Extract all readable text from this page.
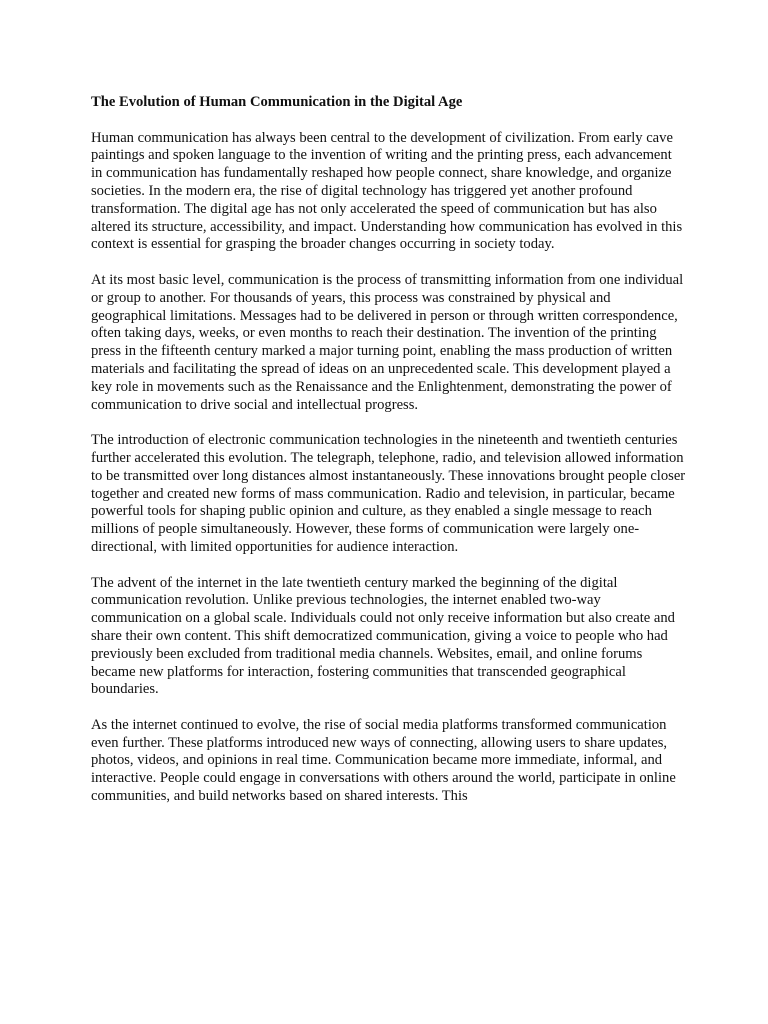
The Evolution of Human Communication in the Digital Age

Human communication has always been central to the development of civilization. From early cave paintings and spoken language to the invention of writing and the printing press, each advancement in communication has fundamentally reshaped how people connect, share knowledge, and organize societies. In the modern era, the rise of digital technology has triggered yet another profound transformation. The digital age has not only accelerated the speed of communication but has also altered its structure, accessibility, and impact. Understanding how communication has evolved in this context is essential for grasping the broader changes occurring in society today.

At its most basic level, communication is the process of transmitting information from one individual or group to another. For thousands of years, this process was constrained by physical and geographical limitations. Messages had to be delivered in person or through written correspondence, often taking days, weeks, or even months to reach their destination. The invention of the printing press in the fifteenth century marked a major turning point, enabling the mass production of written materials and facilitating the spread of ideas on an unprecedented scale. This development played a key role in movements such as the Renaissance and the Enlightenment, demonstrating the power of communication to drive social and intellectual progress.

The introduction of electronic communication technologies in the nineteenth and twentieth centuries further accelerated this evolution. The telegraph, telephone, radio, and television allowed information to be transmitted over long distances almost instantaneously. These innovations brought people closer together and created new forms of mass communication. Radio and television, in particular, became powerful tools for shaping public opinion and culture, as they enabled a single message to reach millions of people simultaneously. However, these forms of communication were largely one-directional, with limited opportunities for audience interaction.

The advent of the internet in the late twentieth century marked the beginning of the digital communication revolution. Unlike previous technologies, the internet enabled two-way communication on a global scale. Individuals could not only receive information but also create and share their own content. This shift democratized communication, giving a voice to people who had previously been excluded from traditional media channels. Websites, email, and online forums became new platforms for interaction, fostering communities that transcended geographical boundaries.

As the internet continued to evolve, the rise of social media platforms transformed communication even further. These platforms introduced new ways of connecting, allowing users to share updates, photos, videos, and opinions in real time. Communication became more immediate, informal, and interactive. People could engage in conversations with others around the world, participate in online communities, and build networks based on shared interests. This
